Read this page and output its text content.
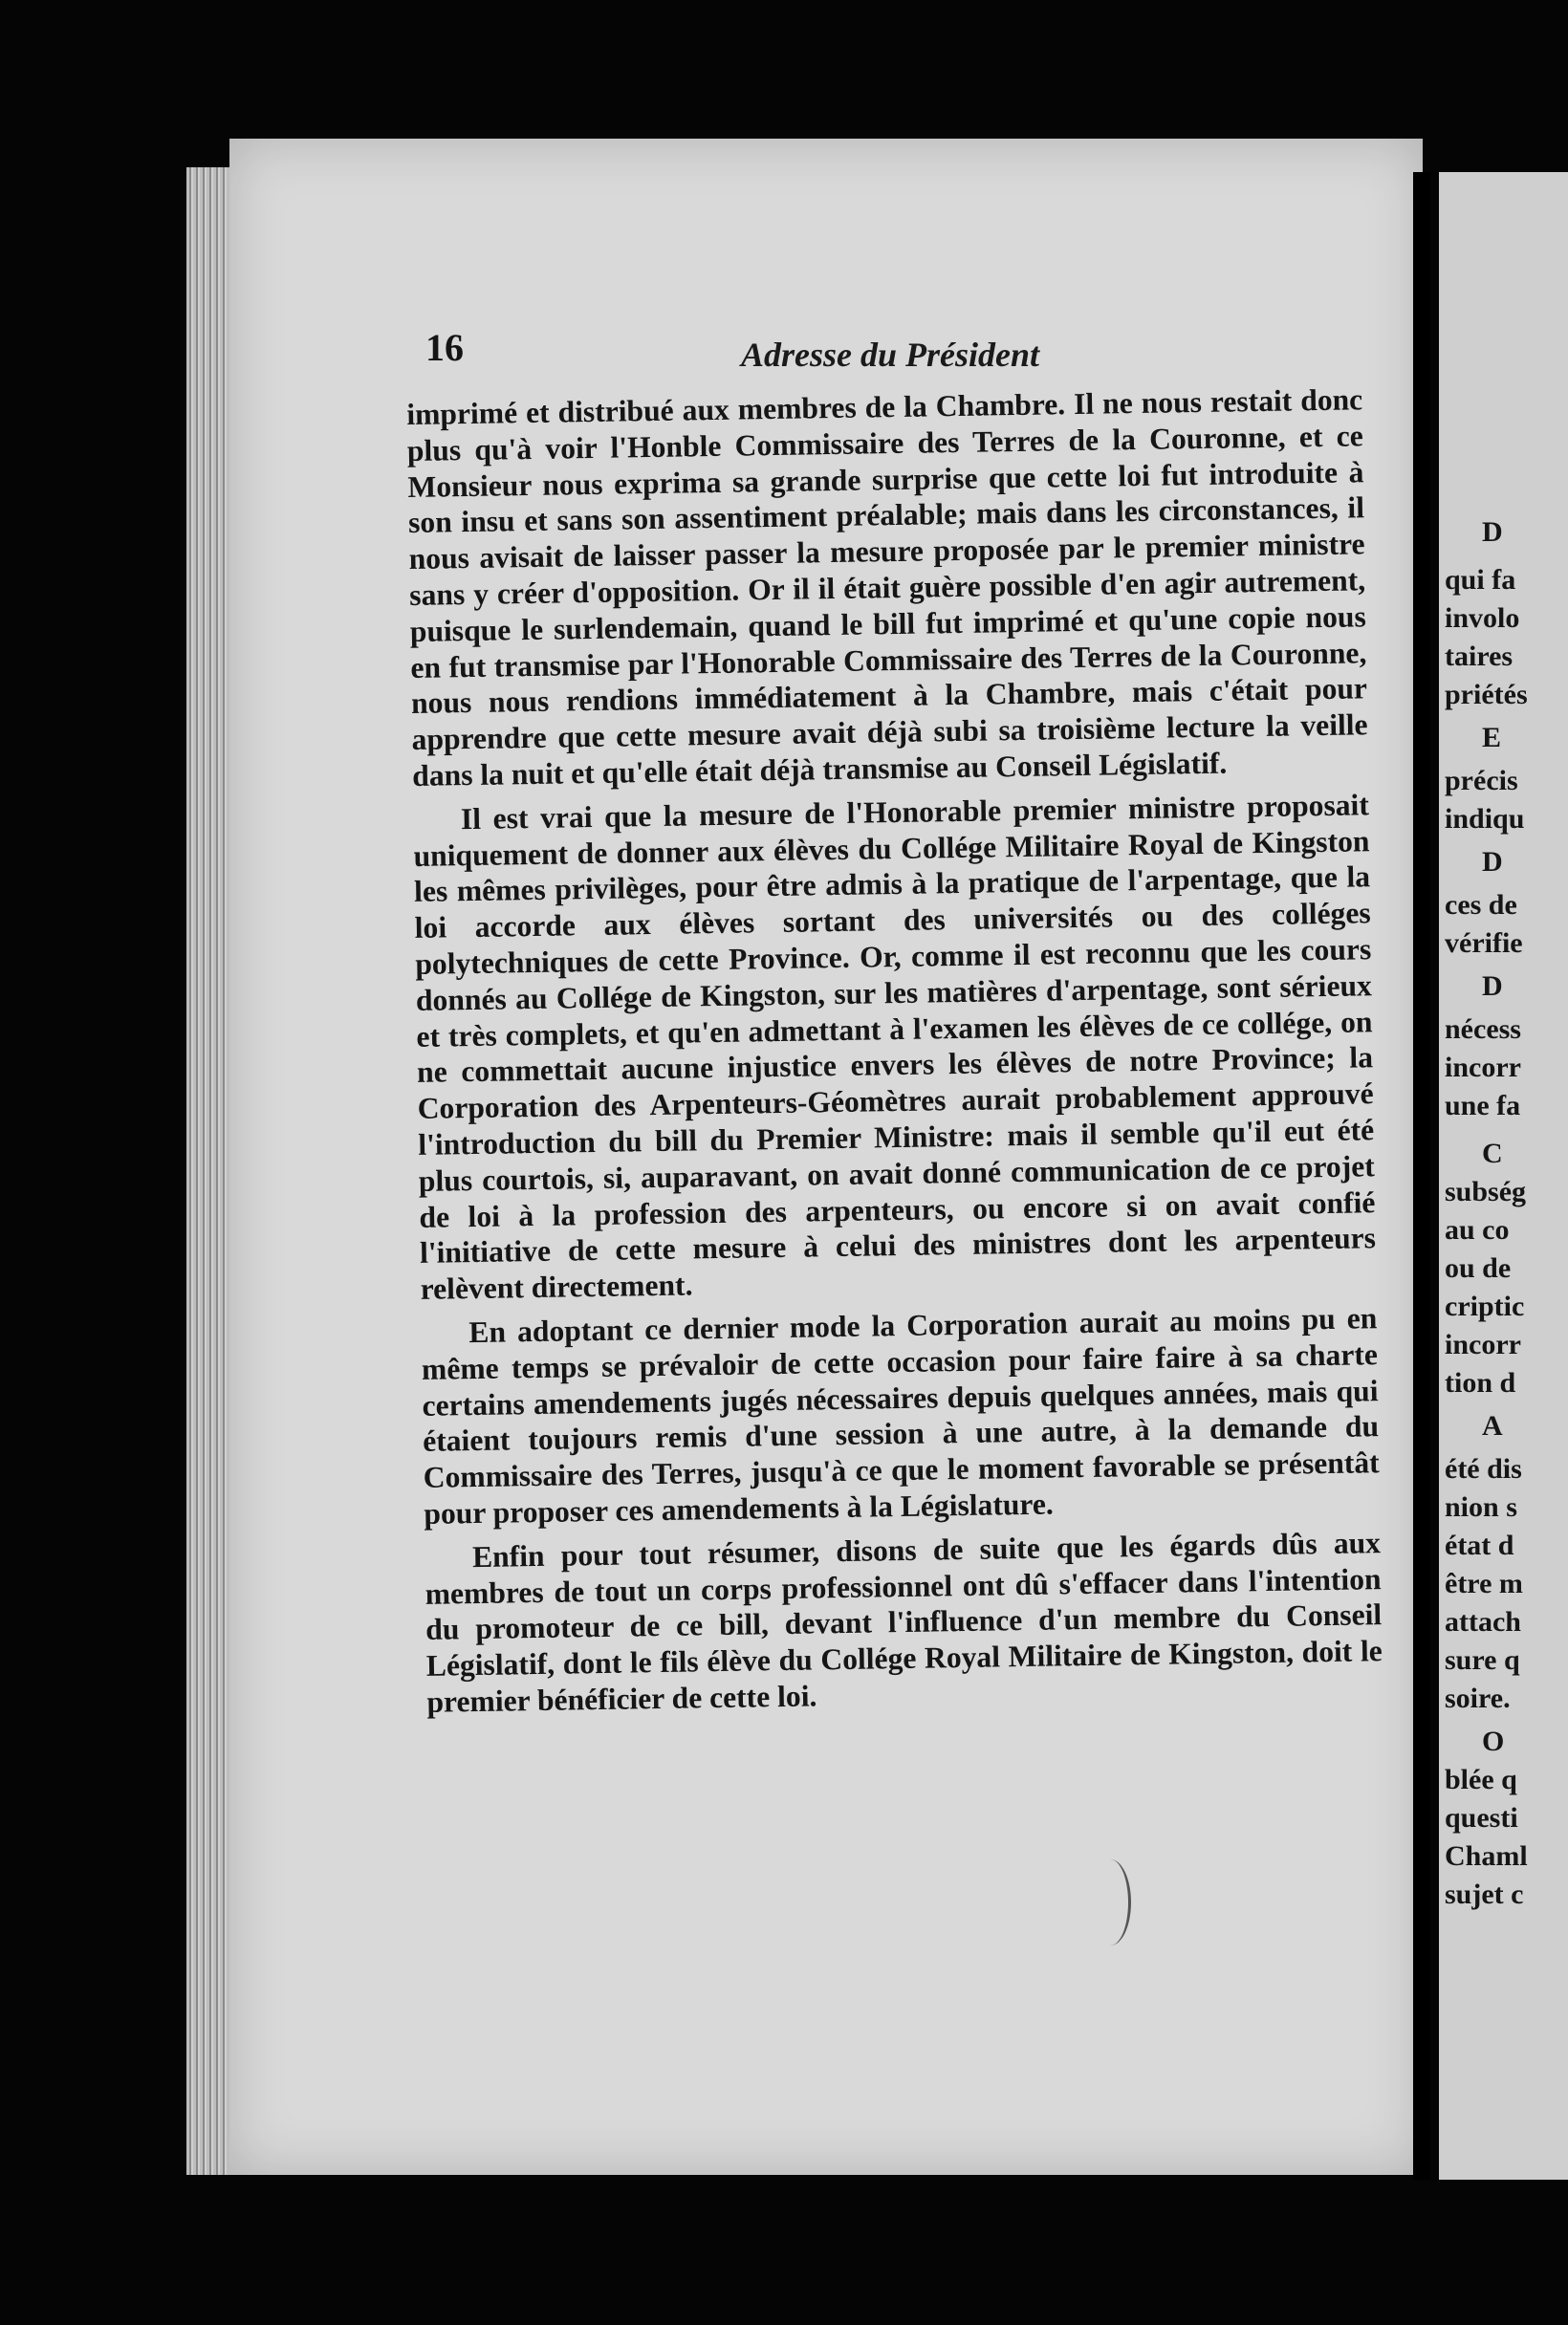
16	Adresse du Président

imprimé et distribué aux membres de la Chambre. Il ne nous restait donc plus qu'à voir l'Honble Commissaire des Terres de la Couronne, et ce Monsieur nous exprima sa grande surprise que cette loi fut introduite à son insu et sans son assentiment préalable; mais dans les circonstances, il nous avisait de laisser passer la mesure proposée par le premier ministre sans y créer d'opposition. Or il il était guère possible d'en agir autrement, puisque le surlendemain, quand le bill fut imprimé et qu'une copie nous en fut transmise par l'Honorable Commissaire des Terres de la Couronne, nous nous rendions immédiatement à la Chambre, mais c'était pour apprendre que cette mesure avait déjà subi sa troisième lecture la veille dans la nuit et qu'elle était déjà transmise au Conseil Législatif.

Il est vrai que la mesure de l'Honorable premier ministre proposait uniquement de donner aux élèves du Collége Militaire Royal de Kingston les mêmes privilèges, pour être admis à la pratique de l'arpentage, que la loi accorde aux élèves sortant des universités ou des colléges polytechniques de cette Province. Or, comme il est reconnu que les cours donnés au Collége de Kingston, sur les matières d'arpentage, sont sérieux et très complets, et qu'en admettant à l'examen les élèves de ce collége, on ne commettait aucune injustice envers les élèves de notre Province; la Corporation des Arpenteurs-Géomètres aurait probablement approuvé l'introduction du bill du Premier Ministre: mais il semble qu'il eut été plus courtois, si, auparavant, on avait donné communication de ce projet de loi à la profession des arpenteurs, ou encore si on avait confié l'initiative de cette mesure à celui des ministres dont les arpenteurs relèvent directement.

En adoptant ce dernier mode la Corporation aurait au moins pu en même temps se prévaloir de cette occasion pour faire faire à sa charte certains amendements jugés nécessaires depuis quelques années, mais qui étaient toujours remis d'une session à une autre, à la demande du Commissaire des Terres, jusqu'à ce que le moment favorable se présentât pour proposer ces amendements à la Législature.

Enfin pour tout résumer, disons de suite que les égards dûs aux membres de tout un corps professionnel ont dû s'effacer dans l'intention du promoteur de ce bill, devant l'influence d'un membre du Conseil Législatif, dont le fils élève du Collége Royal Militaire de Kingston, doit le premier bénéficier de cette loi.

D
qui fa
involo
taires
priétés
E
précis
indiqu
D
ces de
vérifie
D
nécess
incorr
une fa
C
subség
au co
ou de
criptic
incorr
tion d
A
été dis
nion s
état d
être m
attach
sure q
soire.
O
blée q
questi
Chaml
sujet c
